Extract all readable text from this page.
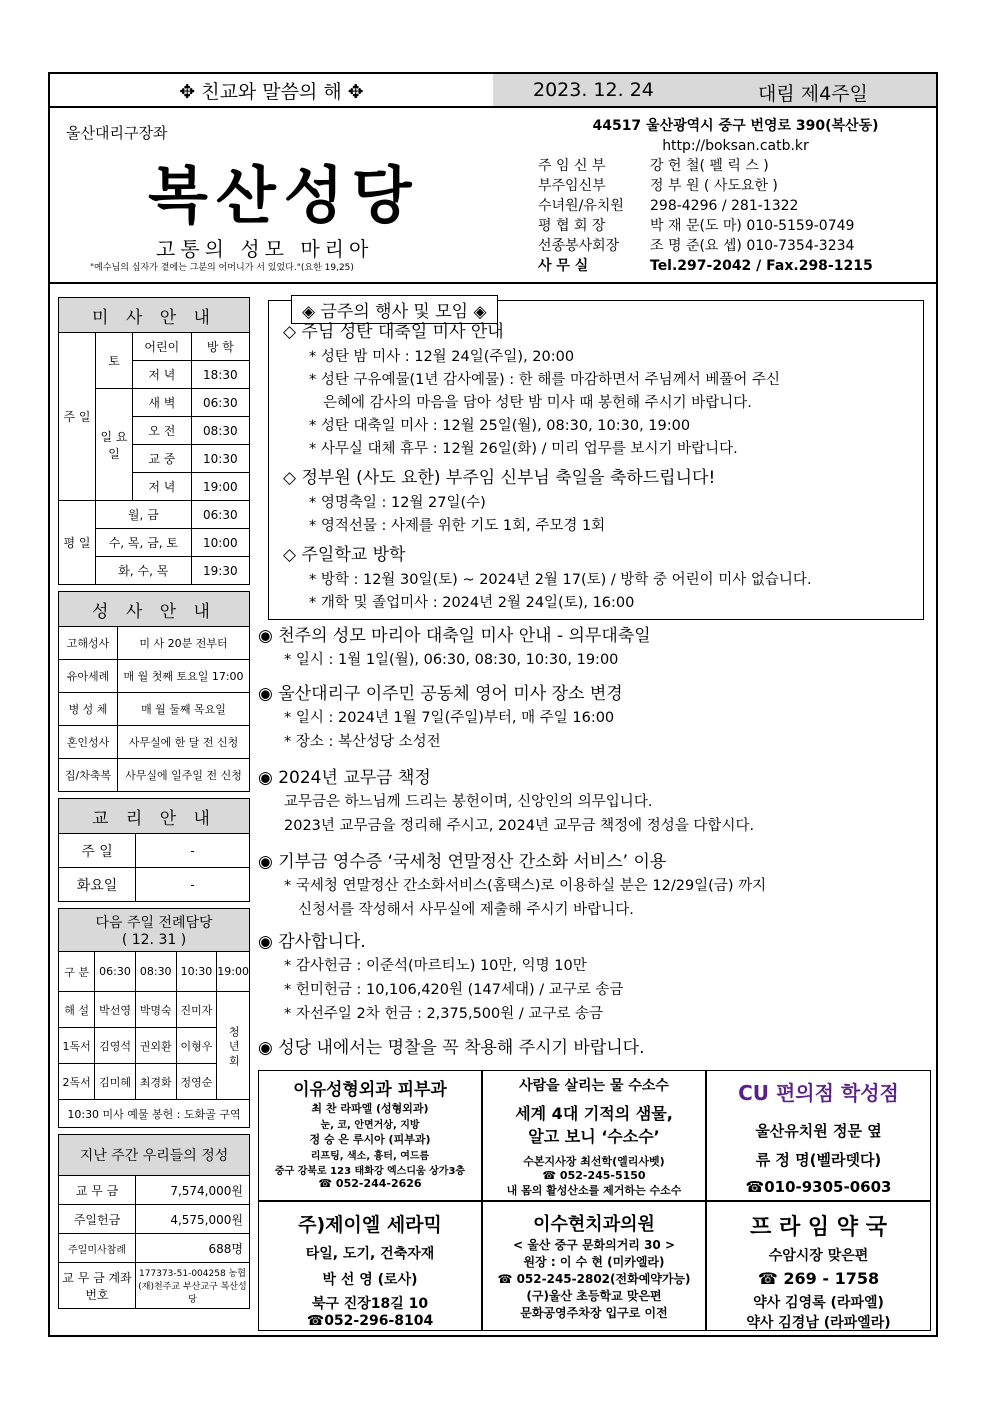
✥ 친교와 말씀의 해 ✥	2023. 12. 24	대림 제4주일
울산대리구장좌
복산성당
고통의 성모 마리아
"예수님의 십자가 곁에는 그분의 어머니가 서 있었다."(요한 19,25)
44517 울산광역시 중구 번영로 390(복산동)
http://boksan.catb.kr
주 임 신 부	강 헌 철( 펠 릭 스 )
부주임신부	정 부 원 ( 사도요한 )
수녀원/유치원	298-4296 / 281-1322
평 협 회 장	박 재 문(도 마) 010-5159-0749
선종봉사회장	조 명 준(요 셉) 010-7354-3234
사 무 실	Tel.297-2042 / Fax.298-1215
미 사 안 내			
주 일	토	어린이	방 학
		저 녁	18:30
	일 요 일	새 벽	06:30
		오 전	08:30
		교 중	10:30
		저 녁	19:00
평 일	월, 금		06:30
	수, 목, 금, 토		10:00
	화, 수, 목		19:30
성 사 안 내	
고해성사	미 사 20분 전부터
유아세례	매 월 첫째 토요일 17:00
병 성 체	매 월 둘째 목요일
혼인성사	사무실에 한 달 전 신청
집/차축복	사무실에 일주일 전 신청
교 리 안 내	
주 일	-
화요일	-
다음 주일 전례담당
( 12. 31 )				

구 분	06:30	08:30	10:30	19:00
해 설	박선영	박명숙	진미자	청 년 회
1독서	김영석	권외환	이형우	
2독서	김미혜	최경화	정영순	
10:30 미사 예물 봉헌 : 도화골 구역				
지난 주간 우리들의 정성	
교 무 금	7,574,000원
주일헌금	4,575,000원
주일미사참례	688명
교 무 금 계좌번호	177373-51-004258 농협 (재)천주교 부산교구 복산성당
◈ 금주의 행사 및 모임 ◈
◇ 주님 성탄 대축일 미사 안내
* 성탄 밤 미사 : 12월 24일(주일), 20:00
* 성탄 구유예물(1년 감사예물) : 한 해를 마감하면서 주님께서 베풀어 주신
은혜에 감사의 마음을 담아 성탄 밤 미사 때 봉헌해 주시기 바랍니다.
* 성탄 대축일 미사 : 12월 25일(월), 08:30, 10:30, 19:00
* 사무실 대체 휴무 : 12월 26일(화) / 미리 업무를 보시기 바랍니다.
◇ 정부원 (사도 요한) 부주임 신부님 축일을 축하드립니다!
* 영명축일 : 12월 27일(수)
* 영적선물 : 사제를 위한 기도 1회, 주모경 1회
◇ 주일학교 방학
* 방학 : 12월 30일(토) ~ 2024년 2월 17(토) / 방학 중 어린이 미사 없습니다.
* 개학 및 졸업미사 : 2024년 2월 24일(토), 16:00
◉ 천주의 성모 마리아 대축일 미사 안내 - 의무대축일
* 일시 : 1월 1일(월), 06:30, 08:30, 10:30, 19:00
◉ 울산대리구 이주민 공동체 영어 미사 장소 변경
* 일시 : 2024년 1월 7일(주일)부터, 매 주일 16:00
* 장소 : 복산성당 소성전
◉ 2024년 교무금 책정
교무금은 하느님께 드리는 봉헌이며, 신앙인의 의무입니다.
2023년 교무금을 정리해 주시고, 2024년 교무금 책정에 정성을 다합시다.
◉ 기부금 영수증 ‘국세청 연말정산 간소화 서비스’ 이용
* 국세청 연말정산 간소화서비스(홈택스)로 이용하실 분은 12/29일(금) 까지
신청서를 작성해서 사무실에 제출해 주시기 바랍니다.
◉ 감사합니다.
* 감사헌금 : 이준석(마르티노) 10만, 익명 10만
* 헌미헌금 : 10,106,420원 (147세대) / 교구로 송금
* 자선주일 2차 헌금 : 2,375,500원 / 교구로 송금
◉ 성당 내에서는 명찰을 꼭 착용해 주시기 바랍니다.
이유성형외과 피부과
최 찬 라파엘 (성형외과)
눈, 코, 안면거상, 지방
정 승 은 루시아 (피부과)
리프팅, 색소, 흉터, 여드름
중구 강북로 123 태화강 엑스디움 상가3층
☎ 052-244-2626
사람을 살리는 물 수소수
세계 4대 기적의 샘물,
알고 보니 ‘수소수’
수본지사장 최선학(엘리사벳)
☎ 052-245-5150
내 몸의 활성산소를 제거하는 수소수
CU 편의점 학성점
울산유치원 정문 옆
류 정 명(벨라뎃다)
☎010-9305-0603
주)제이엘 세라믹
타일, 도기, 건축자재
박 선 영 (로사)
북구 진장18길 10
☎052-296-8104
이수현치과의원
< 울산 중구 문화의거리 30 >
원장 : 이 수 현 (미카엘라)
☎ 052-245-2802(전화예약가능)
(구)울산 초등학교 맞은편
문화공영주차장 입구로 이전
프 라 임 약 국
수암시장 맞은편
☎ 269 - 1758
약사 김영록 (라파엘)
약사 김경남 (라파엘라)
